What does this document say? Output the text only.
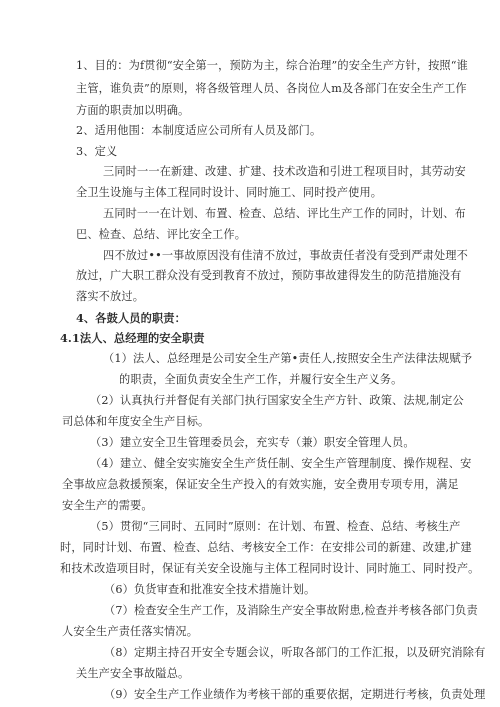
1、目的：为f贯彻“安全第一，预防为主，综合治理”的安全生产方针，按照“谁
主管，谁负责”的原则，将各级管理人员、各岗位人m及各部门在安全生产工作
方面的职责加以明确。
2、适用他围：本制度适应公司所有人员及部门。
3、定义
三同时一一在新建、改建、扩建、技术改造和引进工程项目时，其劳动安
全卫生设施与主体工程同时设计、同时施工、同时投产使用。
五同时一一在计划、布置、检查、总结、评比生产工作的同时，计划、布
巴、检查、总结、评比安全工作。
四不放过••一事故原因没有佳清不放过，事故责任者没有受到严肃处理不
放过，广大职工群众没有受到教育不放过，预防事故建得发生的防范措施没有
落实不放过。
4、各鼓人员的职责：
4.1法人、总经理的安全职责
（1）法人、总经理是公司安全生产第•责任人,按照安全生产法律法规赋予
的职责，全面负责安全生产工作，并履行安全生产义务。
（2）认真执行并督促有关部门执行国家安全生产方针、政策、法规,制定公
司总体和年度安全生产目标。
（3）建立安全卫生管理委员会，充实专（兼）职安全管理人员。
（4）建立、健全安实施安全生产货任制、安全生产管理制度、操作规程、安
全事故应急救援预案，保证安全生产投入的有效实施，安全费用专项专用，满足
安全生产的需要。
（5）贯彻“三同时、五同时”原则：在计划、布置、检查、总结、考核生产
时，同时计划、布置、检查、总结、考核安全工作：在安排公司的新建、改建,扩建
和技术改造项目时，保证有关安全设施与主体工程同时设计、同时施工、同时投产。
（6）负货审查和批准安全技术措施计划。
（7）检查安全生产工作，及消除生产安全事故附患,检查并考核各部门负责
人安全生产责任落实情况。
（8）定期主持召开安全专题会议，听取各部门的工作汇报，以及研究消除有
关生产安全事故隘总。
（9）安全生产工作业绩作为考核干部的重要依据，定期进行考核，负责处理
